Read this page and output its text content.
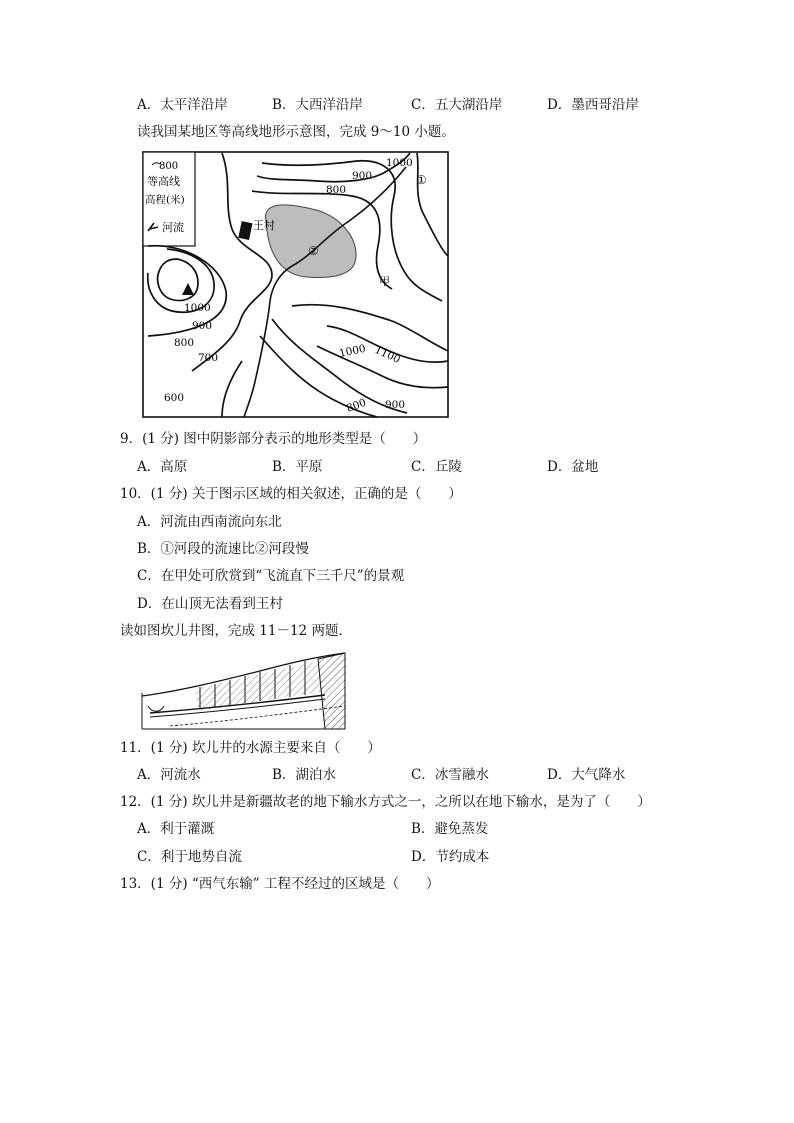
A．太平洋沿岸	B．大西洋沿岸	C．五大湖沿岸	D．墨西哥沿岸
读我国某地区等高线地形示意图，完成 9～10 小题。
800
等高线
高程(米)
河流	王村
①
②
甲
1000
900
800
1000
900
800
700
600
1000 1100
800 900
9．(1 分) 图中阴影部分表示的地形类型是（　　）
A．高原	B．平原	C．丘陵	D．盆地
10．(1 分) 关于图示区域的相关叙述，正确的是（　　）
A．河流由西南流向东北
B．①河段的流速比②河段慢
C．在甲处可欣赏到“飞流直下三千尺”的景观
D．在山顶无法看到王村
读如图坎儿井图，完成 11－12 两题．
11．(1 分) 坎儿井的水源主要来自（　　）
A．河流水	B．湖泊水	C．冰雪融水	D．大气降水
12．(1 分) 坎儿井是新疆故老的地下输水方式之一，之所以在地下输水，是为了（　　）
A．利于灌溉	B．避免蒸发
C．利于地势自流	D．节约成本
13．(1 分) “西气东输” 工程不经过的区域是（　　）
